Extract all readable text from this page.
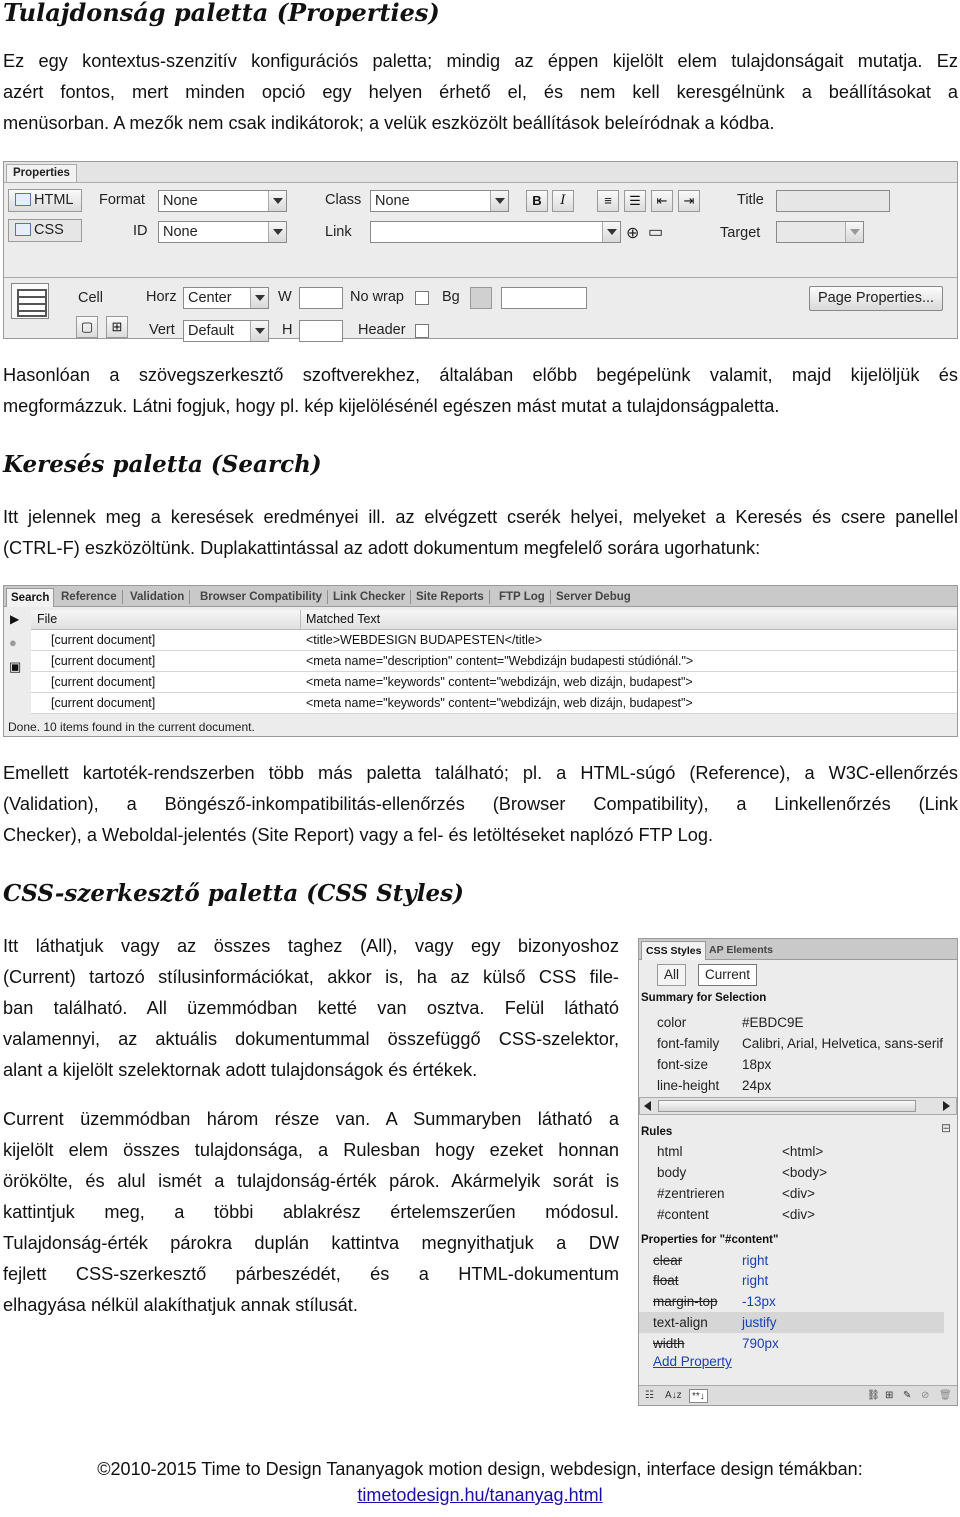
Tulajdonság paletta (Properties)
Ez egy kontextus-szenzitív konfigurációs paletta; mindig az éppen kijelölt elem tulajdonságait mutatja. Ez
azért fontos, mert minden opció egy helyen érhető el, és nem kell keresgélnünk a beállításokat a
menüsorban. A mezők nem csak indikátorok; a velük eszközölt beállítások beleíródnak a kódba.
Properties
HTML
CSS
Format	None
ID	None
Class None	B	I	≡	☰	⇤	⇥
Link	⊕ ▭
Title
Target
▢	⊞
Cell	Horz Center
Vert Default
W
H
No wrap	Bg
Header
Page Properties...
Hasonlóan a szövegszerkesztő szoftverekhez, általában előbb begépelünk valamit, majd kijelöljük és
megformázzuk. Látni fogjuk, hogy pl. kép kijelölésénél egészen mást mutat a tulajdonságpaletta.
Keresés paletta (Search)
Itt jelennek meg a keresések eredményei ill. az elvégzett cserék helyei, melyeket a Keresés és csere panellel
(CTRL-F) eszközöltünk. Duplakattintással az adott dokumentum megfelelő sorára ugorhatunk:
Search	Reference Validation Browser Compatibility Link Checker Site Reports FTP Log Server Debug
▶
●
▣
File	Matched Text
[current document]	<title>WEBDESIGN BUDAPESTEN</title>
[current document]	<meta name="description" content="Webdizájn budapesti stúdiónál.">
[current document]	<meta name="keywords" content="webdizájn, web dizájn, budapest">
[current document]	<meta name="keywords" content="webdizájn, web dizájn, budapest">
Done. 10 items found in the current document.
Emellett kartoték-rendszerben több más paletta található; pl. a HTML-súgó (Reference), a W3C-ellenőrzés
(Validation), a Böngésző-inkompatibilitás-ellenőrzés (Browser Compatibility), a Linkellenőrzés (Link
Checker), a Weboldal-jelentés (Site Report) vagy a fel- és letöltéseket naplózó FTP Log.
CSS-szerkesztő paletta (CSS Styles)
Itt láthatjuk vagy az összes taghez (All), vagy egy bizonyoshoz
(Current) tartozó stílusinformációkat, akkor is, ha az külső CSS file-
ban található. All üzemmódban ketté van osztva. Felül látható
valamennyi, az aktuális dokumentummal összefüggő CSS-szelektor,
alant a kijelölt szelektornak adott tulajdonságok és értékek.
Current üzemmódban három része van. A Summaryben látható a
kijelölt elem összes tulajdonsága, a Rulesban hogy ezeket honnan
örökölte, és alul ismét a tulajdonság-érték párok. Akármelyik sorát is
kattintjuk meg, a többi ablakrész értelemszerűen módosul.
Tulajdonság-érték párokra duplán kattintva megnyithatjuk a DW
fejlett CSS-szerkesztő párbeszédét, és a HTML-dokumentum
elhagyása nélkül alakíthatjuk annak stílusát.
CSS Styles AP Elements
All	Current
Summary for Selection
color	#EBDC9E
font-family Calibri, Arial, Helvetica, sans-serif
font-size	18px
line-height 24px
Rules	⊟
html	<html>
body	<body>
#zentrieren	<div>
#content	<div>
Properties for "#content"
clear	right
float	right
margin-top -13px
text-align	justify
width	790px
Add Property
☷ A↓z	**↓	⛓ ⊞ ✎ ⊘ 🗑
©2010-2015 Time to Design Tananyagok motion design, webdesign, interface design témákban:
timetodesign.hu/tananyag.html
